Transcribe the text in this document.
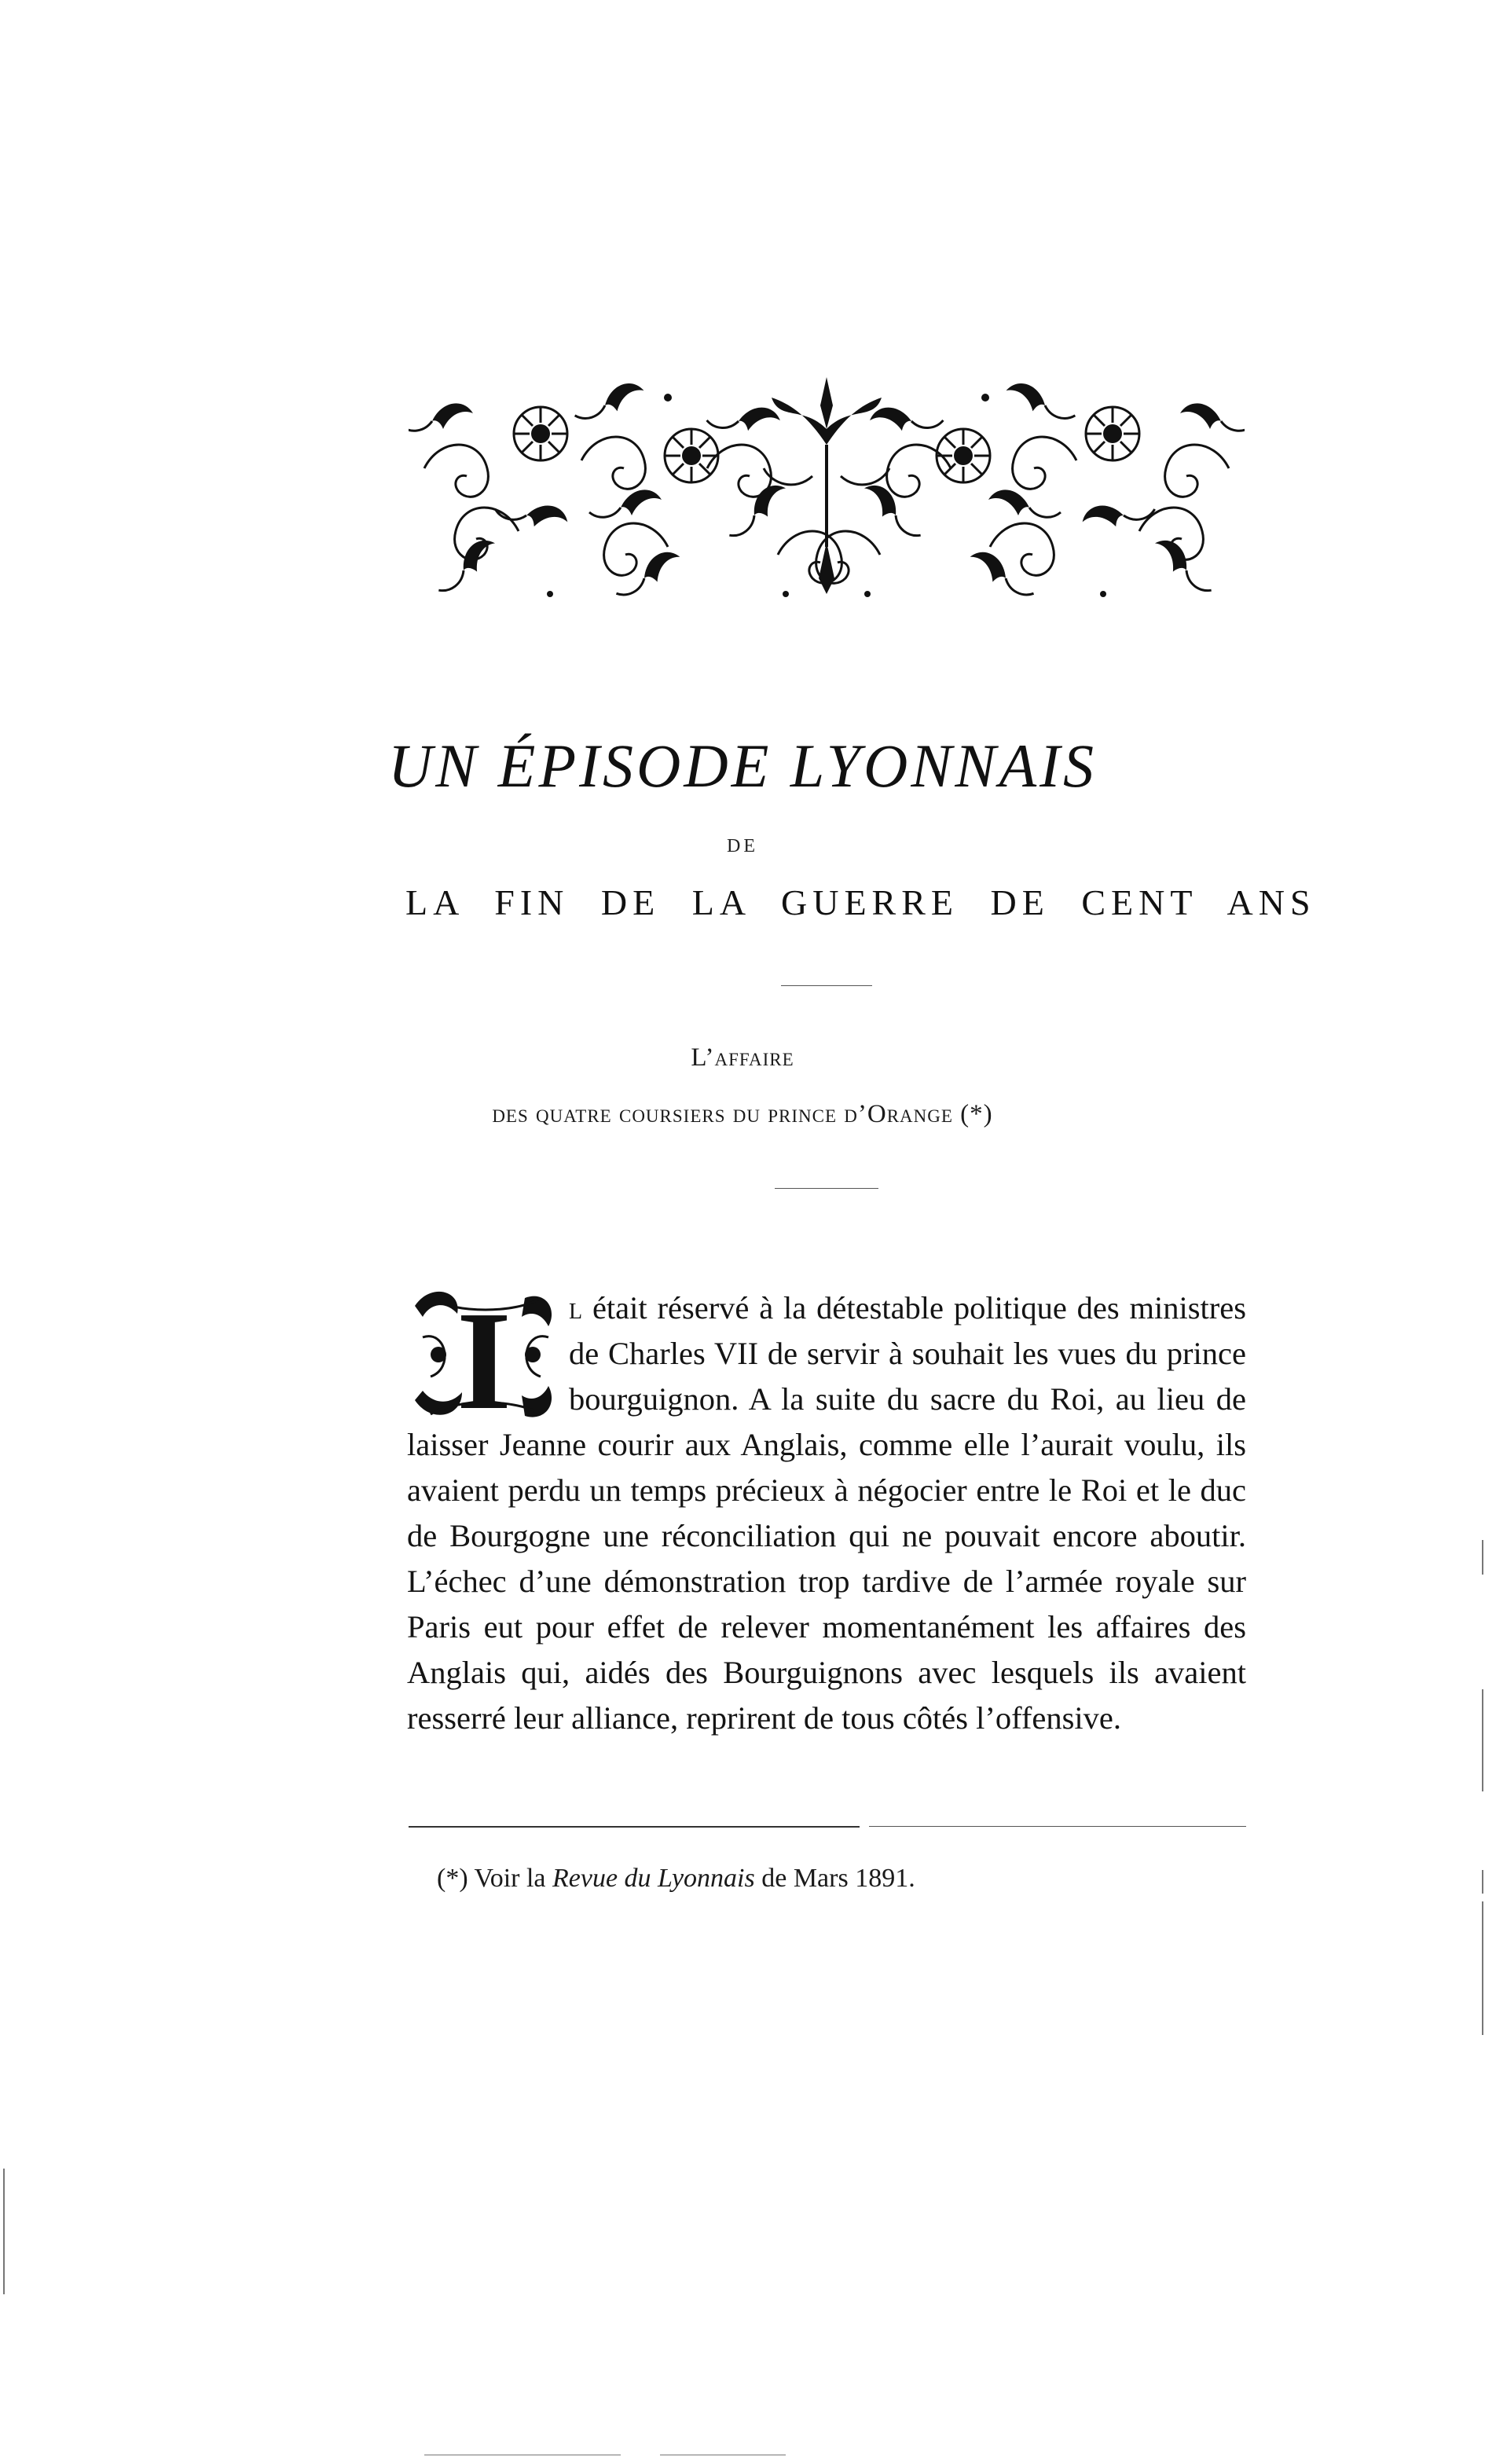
UN ÉPISODE LYONNAIS
DE
LA FIN DE LA GUERRE DE CENT ANS
L’affaire
des quatre coursiers du prince d’Orange (*)
I	l était réservé à la détestable politique des ministres de Charles VII de servir à souhait les vues du prince bourguignon. A la suite du sacre du Roi, au lieu de laisser Jeanne courir aux Anglais, comme elle l’aurait voulu, ils avaient perdu un temps précieux à négocier entre le Roi et le duc de Bourgogne une réconciliation qui ne pouvait encore aboutir. L’échec d’une démonstration trop tardive de l’armée royale sur Paris eut pour effet de relever momentanément les affaires des Anglais qui, aidés des Bourguignons avec lesquels ils avaient resserré leur alliance, reprirent de tous côtés l’offensive.
(*) Voir la Revue du Lyonnais de Mars 1891.
